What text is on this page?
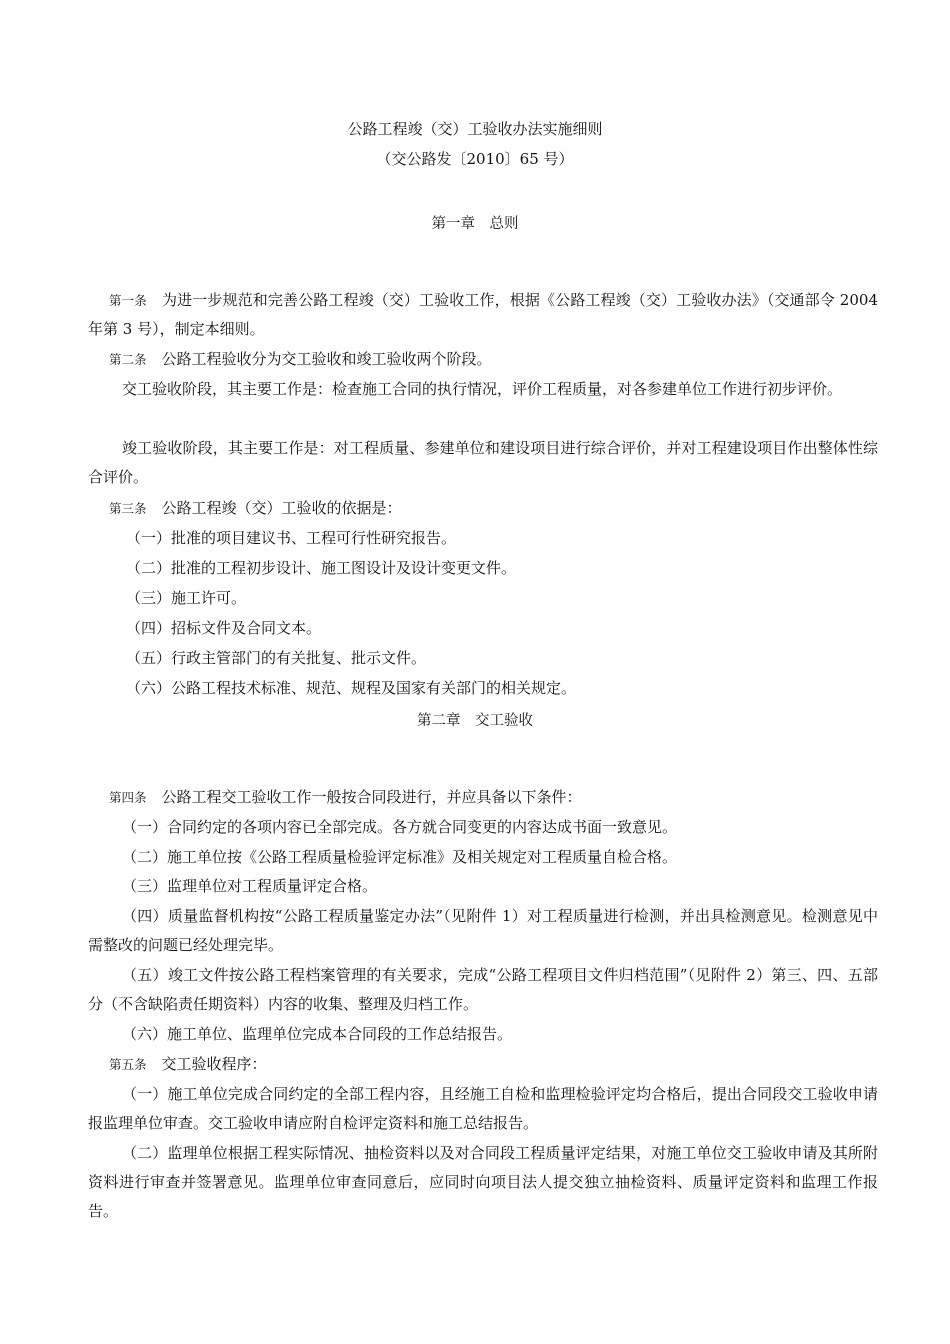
公路工程竣（交）工验收办法实施细则
（交公路发〔2010〕65 号）
第一章　总则
第一条　 为进一步规范和完善公路工程竣（交）工验收工作，根据《公路工程竣（交）工验收办法》（交通部令 2004 年第 3 号），制定本细则。
第二条　 公路工程验收分为交工验收和竣工验收两个阶段。
交工验收阶段，其主要工作是：检查施工合同的执行情况，评价工程质量，对各参建单位工作进行初步评价。
竣工验收阶段，其主要工作是：对工程质量、参建单位和建设项目进行综合评价，并对工程建设项目作出整体性综合评价。
第三条　 公路工程竣（交）工验收的依据是：
（一）批准的项目建议书、工程可行性研究报告。
（二）批准的工程初步设计、施工图设计及设计变更文件。
（三）施工许可。
（四）招标文件及合同文本。
（五）行政主管部门的有关批复、批示文件。
（六）公路工程技术标准、规范、规程及国家有关部门的相关规定。
第二章　交工验收
第四条　 公路工程交工验收工作一般按合同段进行，并应具备以下条件：
（一）合同约定的各项内容已全部完成。各方就合同变更的内容达成书面一致意见。
（二）施工单位按《公路工程质量检验评定标准》及相关规定对工程质量自检合格。
（三）监理单位对工程质量评定合格。
（四）质量监督机构按“公路工程质量鉴定办法”（见附件 1）对工程质量进行检测，并出具检测意见。检测意见中需整改的问题已经处理完毕。
（五）竣工文件按公路工程档案管理的有关要求，完成“公路工程项目文件归档范围”（见附件 2）第三、四、五部分（不含缺陷责任期资料）内容的收集、整理及归档工作。
（六）施工单位、监理单位完成本合同段的工作总结报告。
第五条　 交工验收程序：
（一）施工单位完成合同约定的全部工程内容，且经施工自检和监理检验评定均合格后，提出合同段交工验收申请报监理单位审查。交工验收申请应附自检评定资料和施工总结报告。
（二）监理单位根据工程实际情况、抽检资料以及对合同段工程质量评定结果，对施工单位交工验收申请及其所附资料进行审查并签署意见。监理单位审查同意后，应同时向项目法人提交独立抽检资料、质量评定资料和监理工作报告。
